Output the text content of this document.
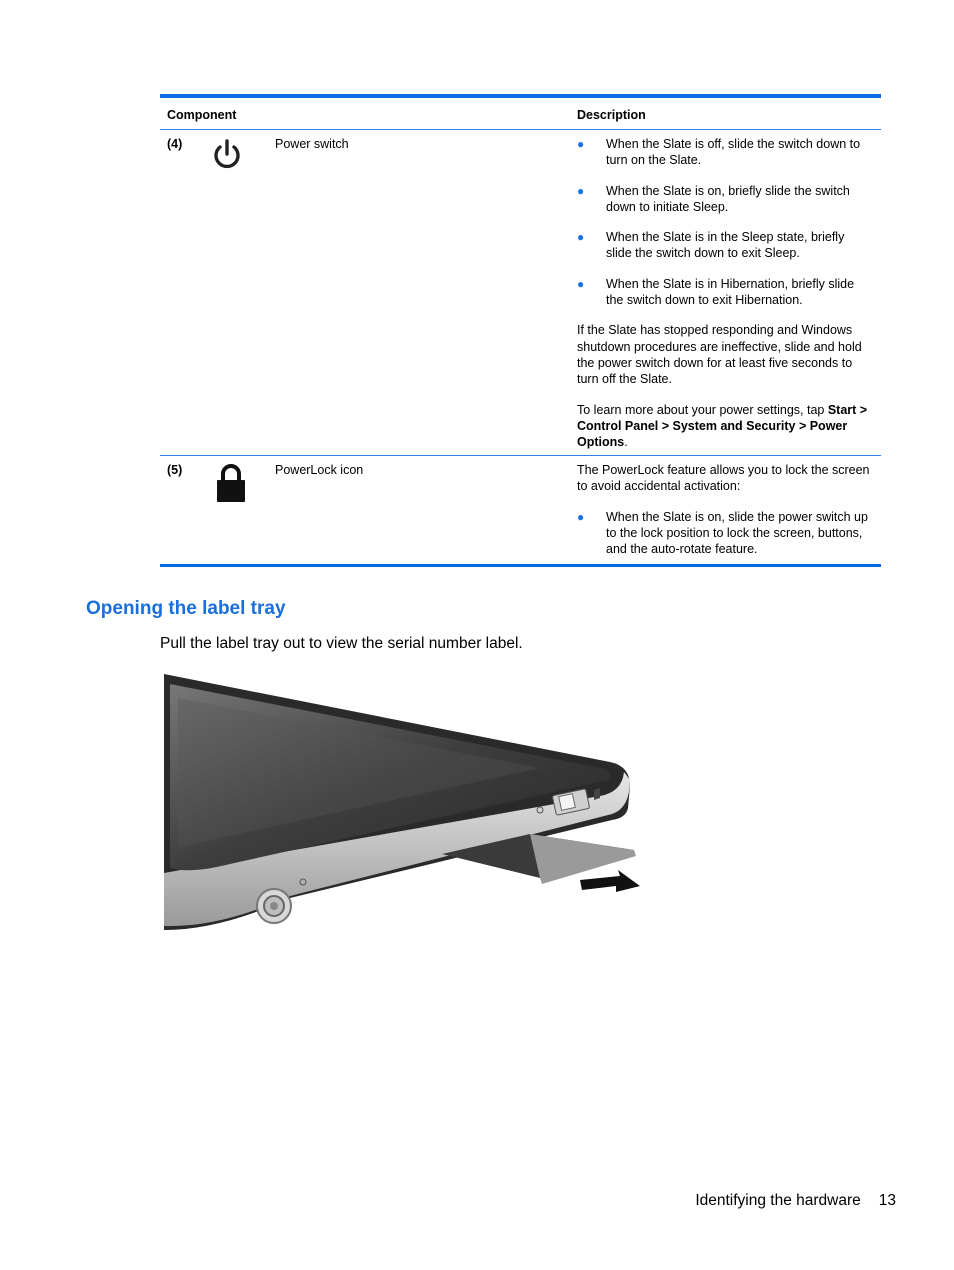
Component	Description
(4)	Power switch	● When the Slate is off, slide the switch down to turn on the Slate.
● When the Slate is on, briefly slide the switch down to initiate Sleep.
● When the Slate is in the Sleep state, briefly slide the switch down to exit Sleep.
● When the Slate is in Hibernation, briefly slide the switch down to exit Hibernation.

If the Slate has stopped responding and Windows shutdown procedures are ineffective, slide and hold the power switch down for at least five seconds to turn off the Slate.

To learn more about your power settings, tap Start > Control Panel > System and Security > Power Options.

(5)	PowerLock icon	The PowerLock feature allows you to lock the screen to avoid accidental activation:

● When the Slate is on, slide the power switch up to the lock position to lock the screen, buttons, and the auto-rotate feature.
Opening the label tray

Pull the label tray out to view the serial number label.

Identifying the hardware 13
